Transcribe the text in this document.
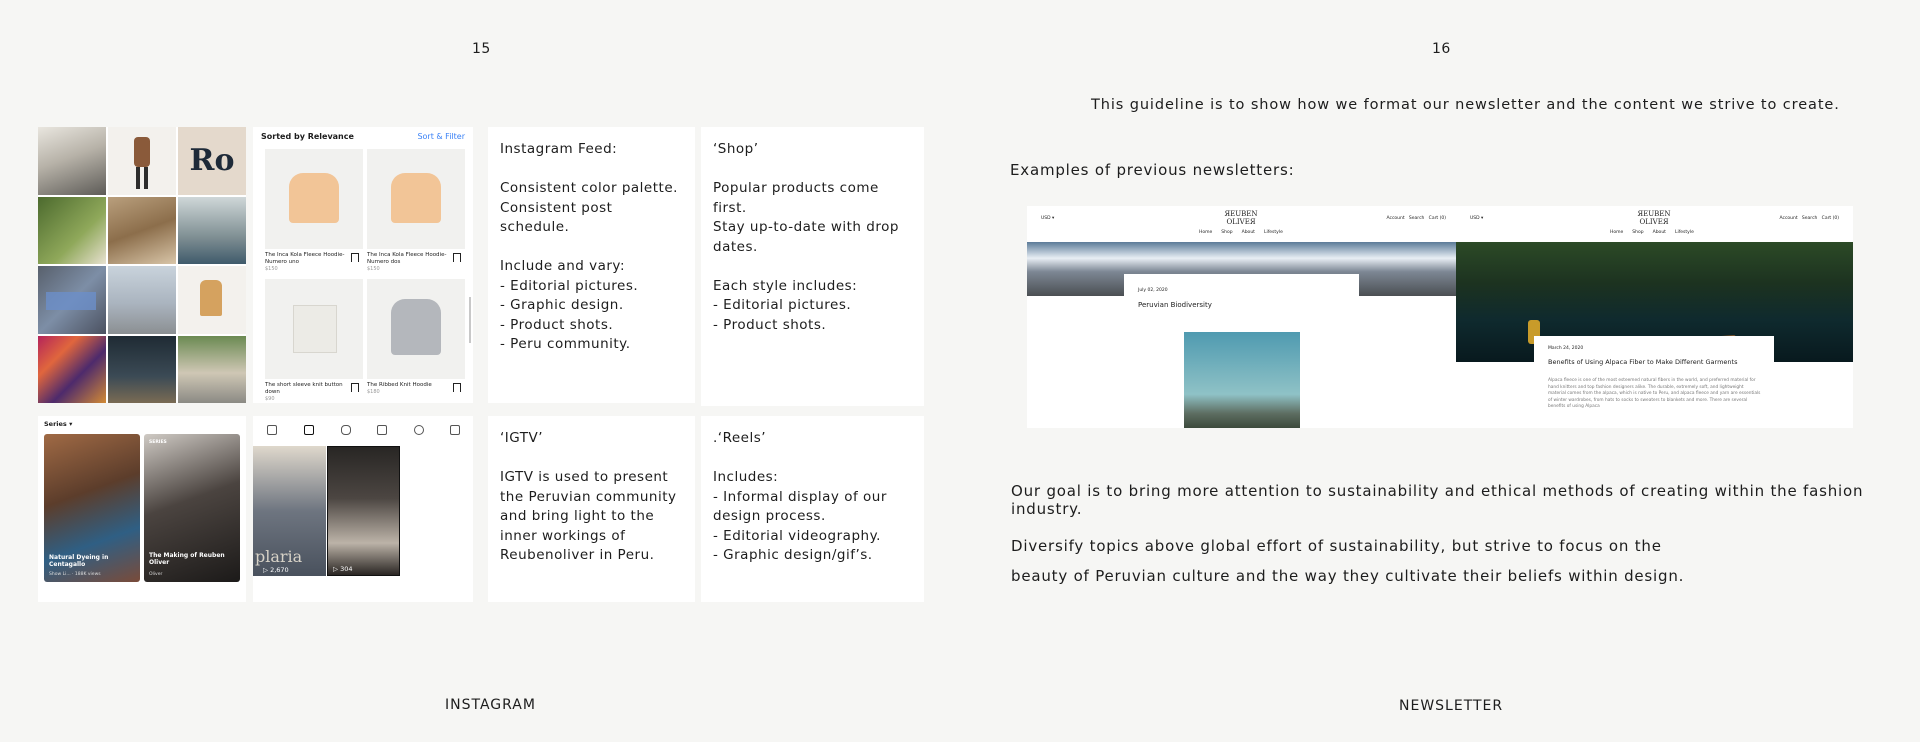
15
Ro
Sorted by Relevance	Sort & Filter
The Inca Kola Fleece Hoodie- Numero uno
$150
The Inca Kola Fleece Hoodie- Numero dos
$150
The short sleeve knit button down
$90
The Ribbed Knit Hoodie
$180
Series ▾
Natural Dyeing in Centagallo
Show Li... · 188K views
SERIES
The Making of Reuben Oliver
Oliver
plaria
▷ 2,670	▷ 304
Instagram Feed:

Consistent color palette.
Consistent post schedule.

Include and vary:
- Editorial pictures.
- Graphic design.
- Product shots.
- Peru community.
‘Shop’

Popular products come first.
Stay up-to-date with drop dates.

Each style includes:
- Editorial pictures.
- Product shots.
‘IGTV’

IGTV is used to present the Peruvian community and bring light to the inner workings of Reubenoliver in Peru.
.‘Reels’

Includes:
- Informal display of our design process.
- Editorial videography.
- Graphic design/gif’s.
INSTAGRAM
16
This guideline is to show how we format our newsletter and the content we strive to create.
Examples of previous newsletters:
USD ▾
ЯEUBEN
OLIVEЯ	Account   Search   Cart (0)
Home Shop About Lifestyle
July 02, 2020
Peruvian Biodiversity
USD ▾
ЯEUBEN
OLIVEЯ	Account   Search   Cart (0)
Home Shop About Lifestyle
March 24, 2020
Benefits of Using Alpaca Fiber to Make Different Garments
Alpaca fleece is one of the most esteemed natural fibers in the world, and preferred material for hand knitters and top fashion designers alike. The durable, extremely soft, and lightweight material comes from the alpaca, which is native to Peru, and alpaca fleece and yarn are essentials of winter wardrobes, from hats to socks to sweaters to blankets and more. There are several benefits of using Alpaca
Our goal is to bring more attention to sustainability and ethical methods of creating within the fashion industry.
Diversify topics above global effort of sustainability, but strive to focus on the
beauty of Peruvian culture and the way they cultivate their beliefs within design.
NEWSLETTER
